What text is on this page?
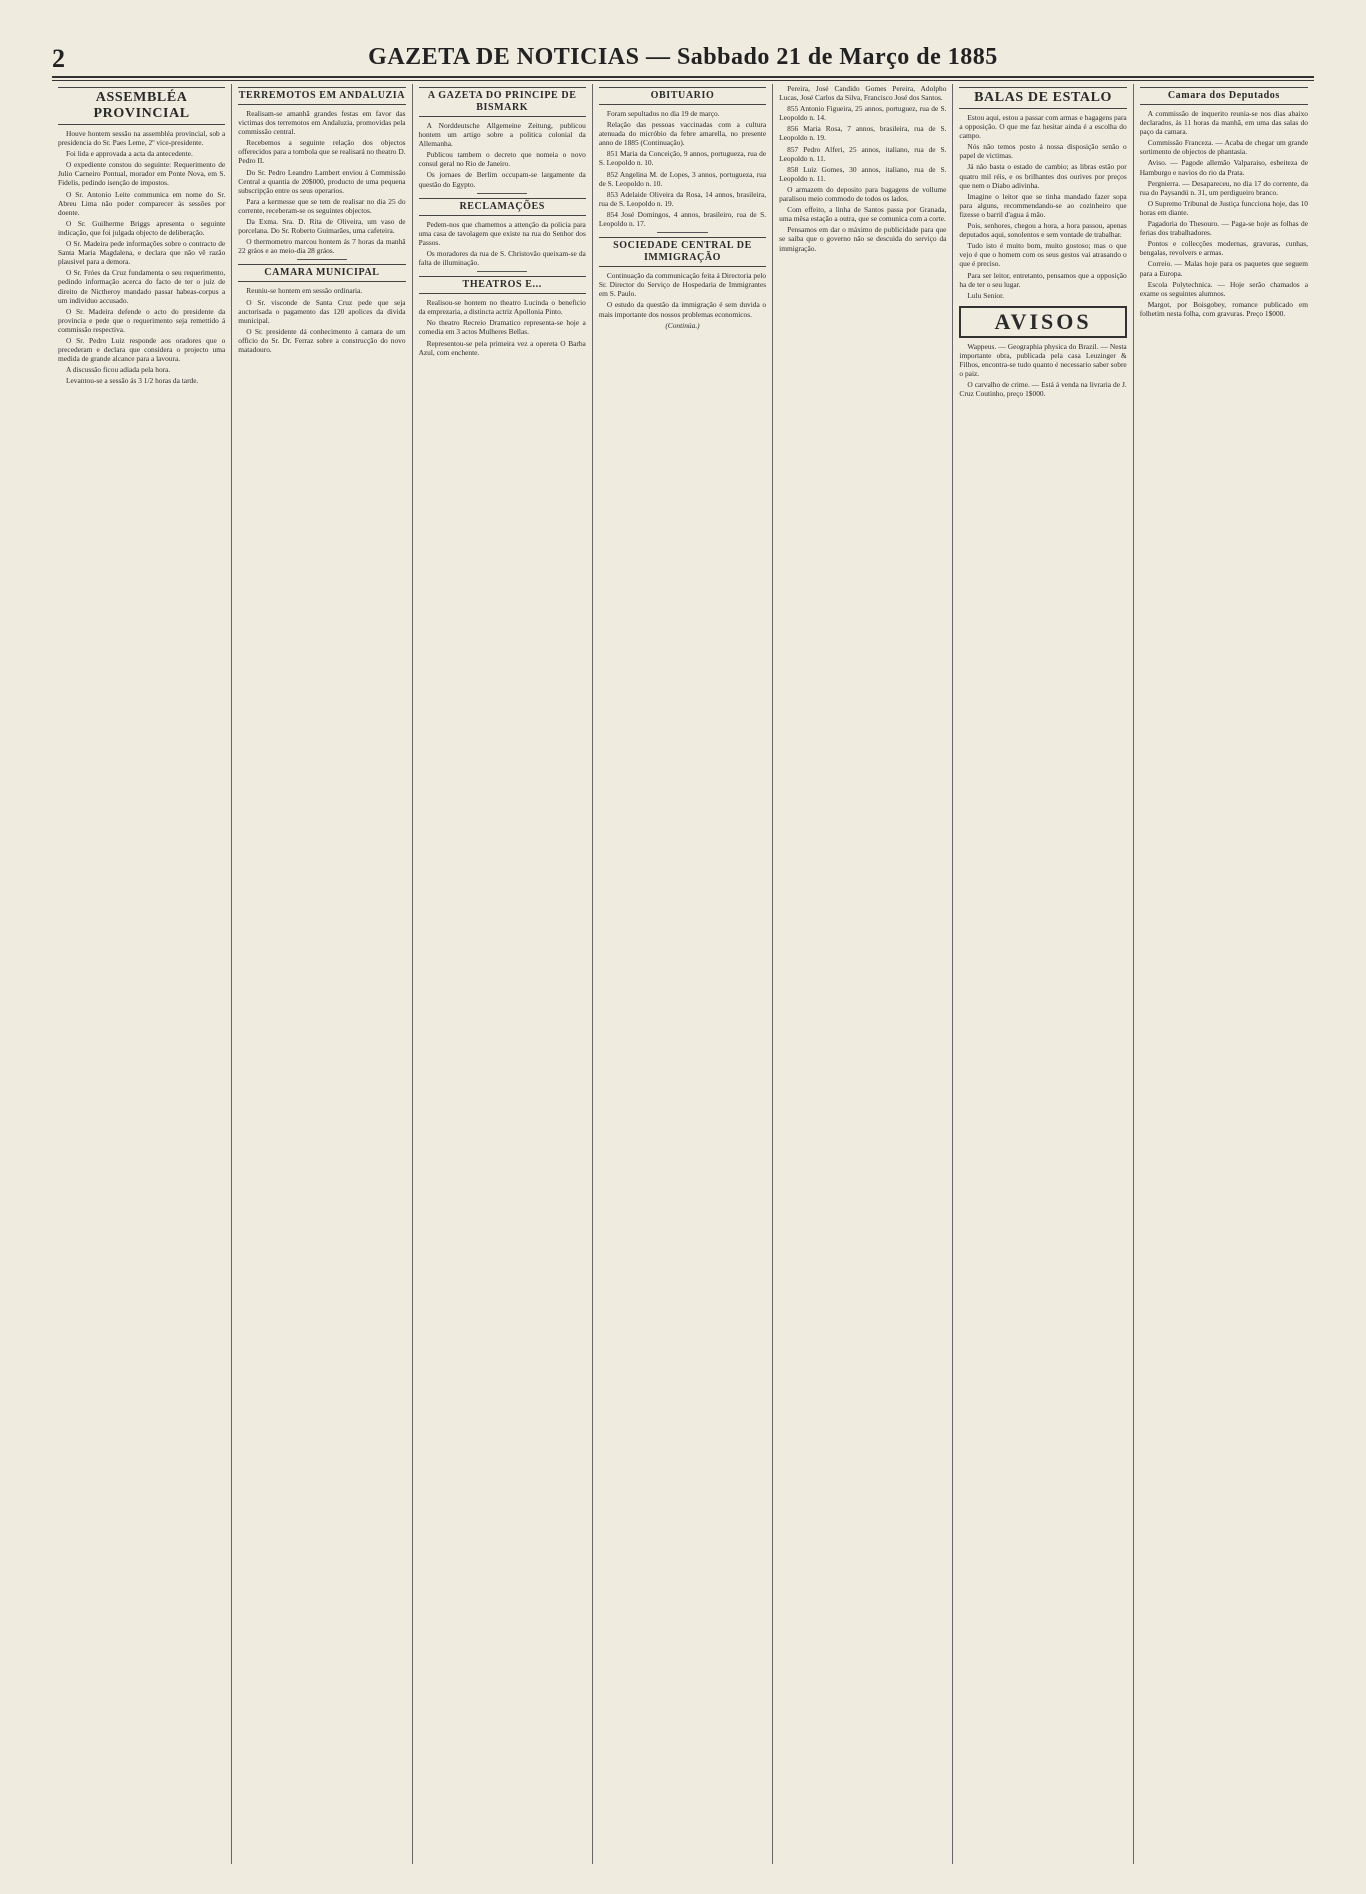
2	GAZETA DE NOTICIAS — Sabbado 21 de Março de 1885
ASSEMBLÉA PROVINCIAL

Houve hontem sessão na assembléa provincial, sob a presidencia do Sr. Paes Leme, 2º vice-presidente.

Foi lida e approvada a acta da antecedente.

O expediente constou do seguinte: Requerimento de Julio Carneiro Pontual, morador em Ponte Nova, em S. Fidelis, pedindo isenção de impostos.

O Sr. Antonio Leite communica em nome do Sr. Abreu Lima não poder comparecer ás sessões por doente.

O Sr. Guilherme Briggs apresenta o seguinte indicação, que foi julgada objecto de deliberação.

O Sr. Madeira pede informações sobre o contracto de Santa Maria Magdalena, e declara que não vê razão plausivel para a demora.

O Sr. Fróes da Cruz fundamenta o seu requerimento, pedindo informação acerca do facto de ter o juiz de direito de Nictheroy mandado passar habeas-corpus a um individuo accusado.

O Sr. Madeira defende o acto do presidente da provincia e pede que o requerimento seja remettido á commissão respectiva.

O Sr. Pedro Luiz responde aos oradores que o precederam e declara que considera o projecto uma medida de grande alcance para a lavoura.

A discussão ficou adiada pela hora.

Levantou-se a sessão ás 3 1/2 horas da tarde.

TERREMOTOS EM ANDALUZIA

Realisam-se amanhã grandes festas em favor das victimas dos terremotos em Andaluzia, promovidas pela commissão central.

Recebemos a seguinte relação dos objectos offerecidos para a tombola que se realisará no theatro D. Pedro II.

Do Sr. Pedro Leandro Lambert enviou á Commissão Central a quantia de 20$000, producto de uma pequena subscripção entre os seus operarios.

Para a kermesse que se tem de realisar no dia 25 do corrente, receberam-se os seguintes objectos.

Da Exma. Sra. D. Rita de Oliveira, um vaso de porcelana. Do Sr. Roberto Guimarães, uma cafeteira.

O thermometro marcou hontem ás 7 horas da manhã 22 gráos e ao meio-dia 28 gráos.

CAMARA MUNICIPAL

Reuniu-se hontem em sessão ordinaria.

O Sr. visconde de Santa Cruz pede que seja auctorisada o pagamento das 120 apolices da divida municipal.

O Sr. presidente dá conhecimento á camara de um officio do Sr. Dr. Ferraz sobre a construcção do novo matadouro.

A GAZETA DO PRINCIPE DE BISMARK

A Norddeutsche Allgemeine Zeitung, publicou hontem um artigo sobre a politica colonial da Allemanha.

Publicou tambem o decreto que nomeia o novo consul geral no Rio de Janeiro.

Os jornaes de Berlim occupam-se largamente da questão do Egypto.

RECLAMAÇÕES

Pedem-nos que chamemos a attenção da policia para uma casa de tavolagem que existe na rua do Senhor dos Passos.

Os moradores da rua de S. Christovão queixam-se da falta de illuminação.

THEATROS E...

Realisou-se hontem no theatro Lucinda o beneficio da emprezaria, a distincta actriz Apollonia Pinto.

No theatro Recreio Dramatico representa-se hoje a comedia em 3 actos Mulheres Bellas.

Representou-se pela primeira vez a opereta O Barba Azul, com enchente.

OBITUARIO

Foram sepultados no dia 19 de março.

Relação das pessoas vaccinadas com a cultura atenuada do micróbio da febre amarella, no presente anno de 1885 (Continuação).

851 Maria da Conceição, 9 annos, portugueza, rua de S. Leopoldo n. 10.

852 Angelina M. de Lopes, 3 annos, portugueza, rua de S. Leopoldo n. 10.

853 Adelaide Oliveira da Rosa, 14 annos, brasileira, rua de S. Leopoldo n. 19.

854 José Domingos, 4 annos, brasileiro, rua de S. Leopoldo n. 17.

SOCIEDADE CENTRAL DE IMMIGRAÇÃO

Continuação da communicação feita á Directoria pelo Sr. Director do Serviço de Hospedaria de Immigrantes em S. Paulo.

O estudo da questão da immigração é sem duvida o mais importante dos nossos problemas economicos.

(Continúa.)

Pereira, José Candido Gomes Pereira, Adolpho Lucas, José Carlos da Silva, Francisco José dos Santos.

855 Antonio Figueira, 25 annos, portuguez, rua de S. Leopoldo n. 14.

856 Maria Rosa, 7 annos, brasileira, rua de S. Leopoldo n. 19.

857 Pedro Alferi, 25 annos, italiano, rua de S. Leopoldo n. 11.

858 Luiz Gomes, 30 annos, italiano, rua de S. Leopoldo n. 11.

O armazem do deposito para bagagens de vollume paralisou meio commodo de todos os lados.

Com effeito, a linha de Santos passa por Granada, uma mêsa estação a outra, que se comunica com a corte.

Pensamos em dar o máximo de publicidade para que se saiba que o governo não se descuida do serviço da immigração.

BALAS DE ESTALO

Estou aqui, estou a passar com armas e bagagens para a opposição. O que me faz hesitar ainda é a escolha do campo.

Nós não temos posto á nossa disposição senão o papel de victimas.

Já não basta o estado de cambio; as libras estão por quatro mil réis, e os brilhantes dos ourives por preços que nem o Diabo adivinha.

Imagine o leitor que se tinha mandado fazer sopa para alguns, recommendando-se ao cozinheiro que fizesse o barril d'agua á mão.

Pois, senhores, chegou a hora, a hora passou, apenas deputados aqui, sonolentos e sem vontade de trabalhar.

Tudo isto é muito bom, muito gostoso; mas o que vejo é que o homem com os seus gestos vai atrasando o que é preciso.

Para ser leitor, entretanto, pensamos que a opposição ha de ter o seu lugar.

Lulu Senior.

AVISOS

Wappeus. — Geographia physica do Brazil. — Nesta importante obra, publicada pela casa Leuzinger & Filhos, encontra-se tudo quanto é necessario saber sobre o paiz.

O carvalho de crime. — Está á venda na livraria de J. Cruz Coutinho, preço 1$000.

Camara dos Deputados

A commissão de inquerito reunia-se nos dias abaixo declarados, ás 11 horas da manhã, em uma das salas do paço da camara.

Commissão Franceza. — Acaba de chegar um grande sortimento de objectos de phantasia.

Aviso. — Pagode allemão Valparaiso, esbeiteza de Hamburgo e navios do rio da Prata.

Pergnierra. — Desapareceu, no dia 17 do corrente, da rua do Paysandú n. 31, um perdigueiro branco.

O Supremo Tribunal de Justiça funcciona hoje, das 10 horas em diante.

Pagadoria do Thesouro. — Paga-se hoje as folhas de ferias dos trabalhadores.

Pontos e collecções modernas, gravuras, cunhas, bengalas, revolvers e armas.

Correio. — Malas hoje para os paquetes que seguem para a Europa.

Escola Polytechnica. — Hoje serão chamados a exame os seguintes alumnos.

Margot, por Boisgobey, romance publicado em folhetim nesta folha, com gravuras. Preço 1$000.
